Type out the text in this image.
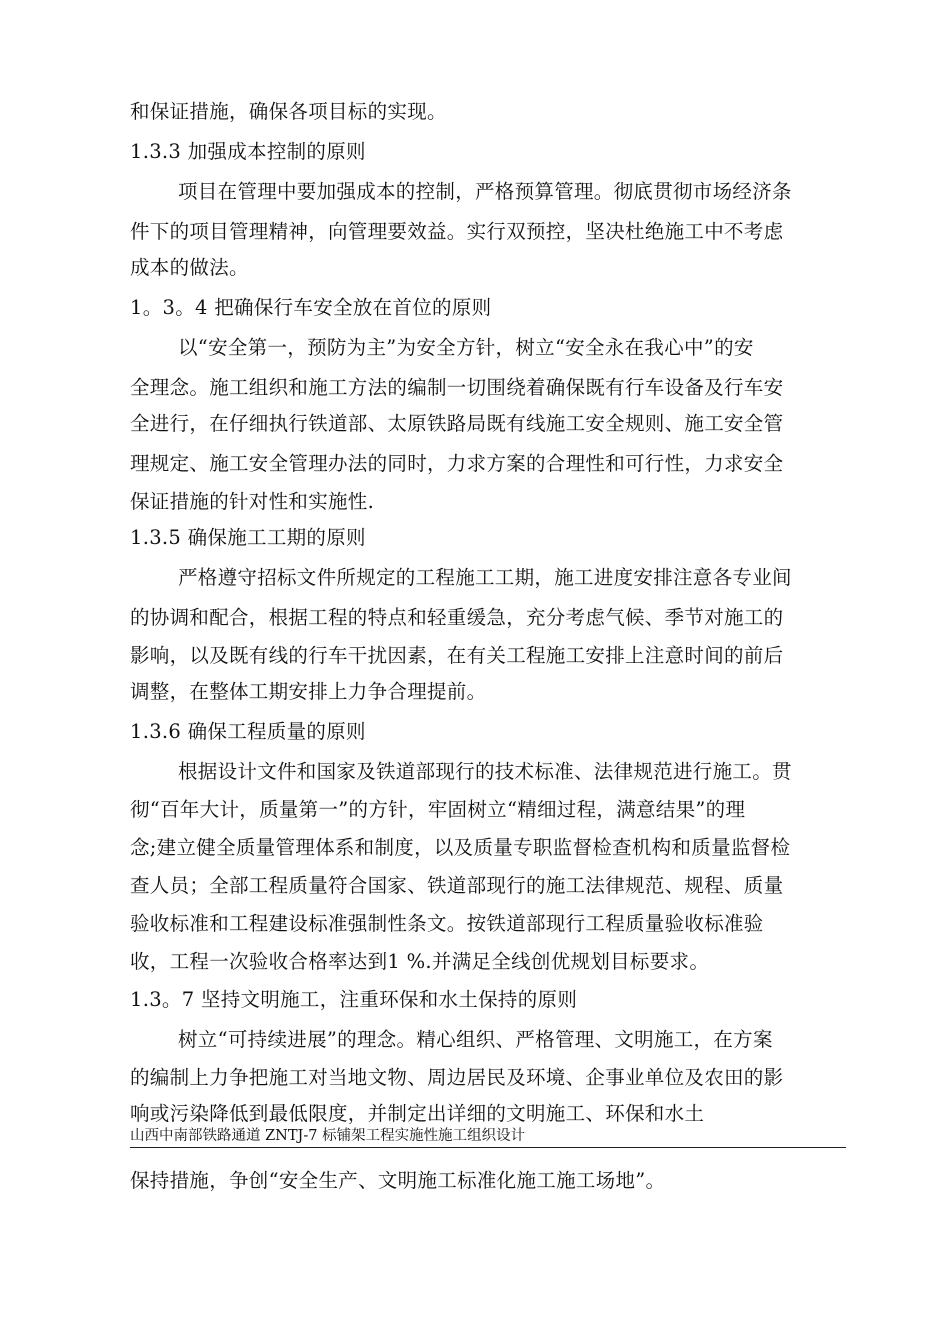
和保证措施，确保各项目标的实现。
1.3.3 加强成本控制的原则
项目在管理中要加强成本的控制，严格预算管理。彻底贯彻市场经济条
件下的项目管理精神，向管理要效益。实行双预控，坚决杜绝施工中不考虑
成本的做法。
1。3。4 把确保行车安全放在首位的原则
以“安全第一，预防为主”为安全方针，树立“安全永在我心中”的安
全理念。施工组织和施工方法的编制一切围绕着确保既有行车设备及行车安
全进行，在仔细执行铁道部、太原铁路局既有线施工安全规则、施工安全管
理规定、施工安全管理办法的同时，力求方案的合理性和可行性，力求安全
保证措施的针对性和实施性.
1.3.5 确保施工工期的原则
严格遵守招标文件所规定的工程施工工期，施工进度安排注意各专业间
的协调和配合，根据工程的特点和轻重缓急，充分考虑气候、季节对施工的
影响，以及既有线的行车干扰因素，在有关工程施工安排上注意时间的前后
调整，在整体工期安排上力争合理提前。
1.3.6 确保工程质量的原则
根据设计文件和国家及铁道部现行的技术标准、法律规范进行施工。贯
彻“百年大计，质量第一”的方针，牢固树立“精细过程，满意结果”的理
念;建立健全质量管理体系和制度，以及质量专职监督检查机构和质量监督检
查人员；全部工程质量符合国家、铁道部现行的施工法律规范、规程、质量
验收标准和工程建设标准强制性条文。按铁道部现行工程质量验收标准验
收，工程一次验收合格率达到1 %.并满足全线创优规划目标要求。
1.3。7 坚持文明施工，注重环保和水土保持的原则
树立“可持续进展”的理念。精心组织、严格管理、文明施工，在方案
的编制上力争把施工对当地文物、周边居民及环境、企事业单位及农田的影
响或污染降低到最低限度，并制定出详细的文明施工、环保和水土
山西中南部铁路通道 ZNTJ-7 标铺架工程实施性施工组织设计
保持措施，争创“安全生产、文明施工标准化施工施工场地”。
